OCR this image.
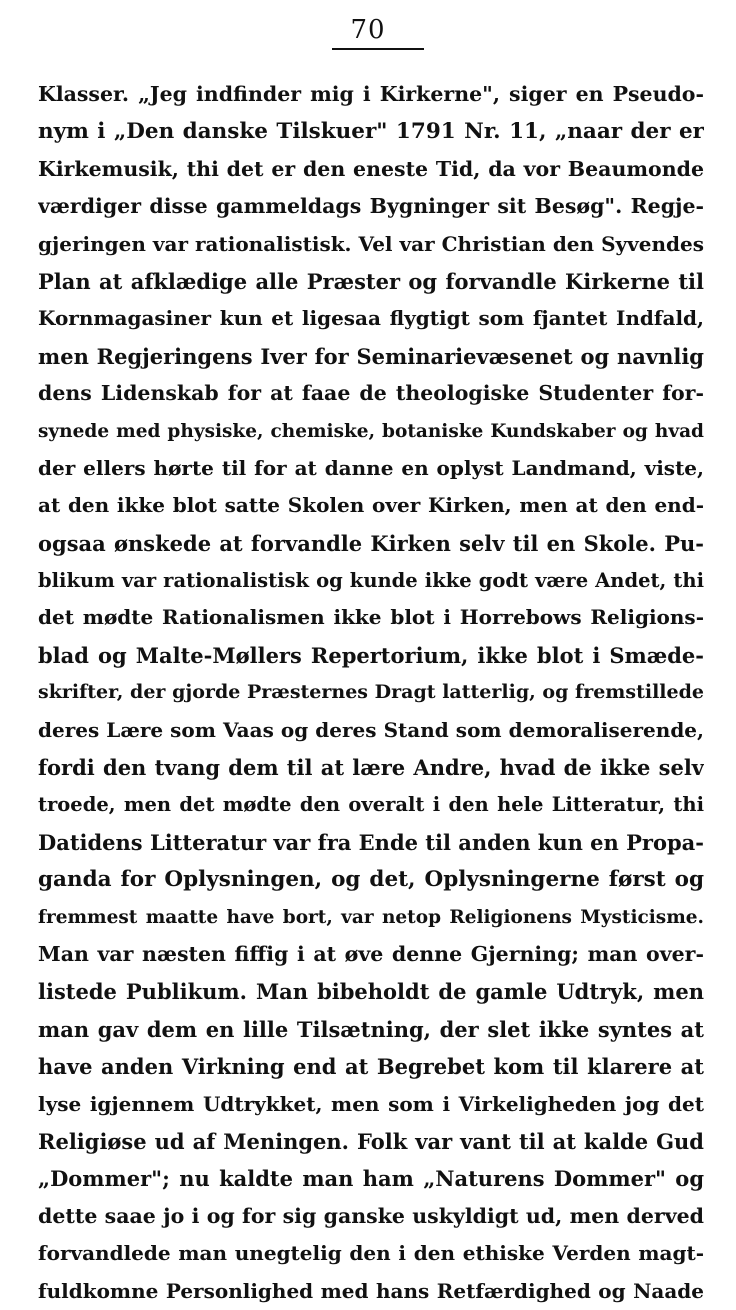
70
Klasser. „Jeg indfinder mig i Kirkerne", siger en Pseudo-
nym i „Den danske Tilskuer" 1791 Nr. 11, „naar der er
Kirkemusik, thi det er den eneste Tid, da vor Beaumonde
værdiger disse gammeldags Bygninger sit Besøg". Regje-
gjeringen var rationalistisk. Vel var Christian den Syvendes
Plan at afklædige alle Præster og forvandle Kirkerne til
Kornmagasiner kun et ligesaa flygtigt som fjantet Indfald,
men Regjeringens Iver for Seminarievæsenet og navnlig
dens Lidenskab for at faae de theologiske Studenter for-
synede med physiske, chemiske, botaniske Kundskaber og hvad
der ellers hørte til for at danne en oplyst Landmand, viste,
at den ikke blot satte Skolen over Kirken, men at den end-
ogsaa ønskede at forvandle Kirken selv til en Skole. Pu-
blikum var rationalistisk og kunde ikke godt være Andet, thi
det mødte Rationalismen ikke blot i Horrebows Religions-
blad og Malte-Møllers Repertorium, ikke blot i Smæde-
skrifter, der gjorde Præsternes Dragt latterlig, og fremstillede
deres Lære som Vaas og deres Stand som demoraliserende,
fordi den tvang dem til at lære Andre, hvad de ikke selv
troede, men det mødte den overalt i den hele Litteratur, thi
Datidens Litteratur var fra Ende til anden kun en Propa-
ganda for Oplysningen, og det, Oplysningerne først og
fremmest maatte have bort, var netop Religionens Mysticisme.
Man var næsten fiffig i at øve denne Gjerning; man over-
listede Publikum. Man bibeholdt de gamle Udtryk, men
man gav dem en lille Tilsætning, der slet ikke syntes at
have anden Virkning end at Begrebet kom til klarere at
lyse igjennem Udtrykket, men som i Virkeligheden jog det
Religiøse ud af Meningen. Folk var vant til at kalde Gud
„Dommer"; nu kaldte man ham „Naturens Dommer" og
dette saae jo i og for sig ganske uskyldigt ud, men derved
forvandlede man unegtelig den i den ethiske Verden magt-
fuldkomne Personlighed med hans Retfærdighed og Naade
